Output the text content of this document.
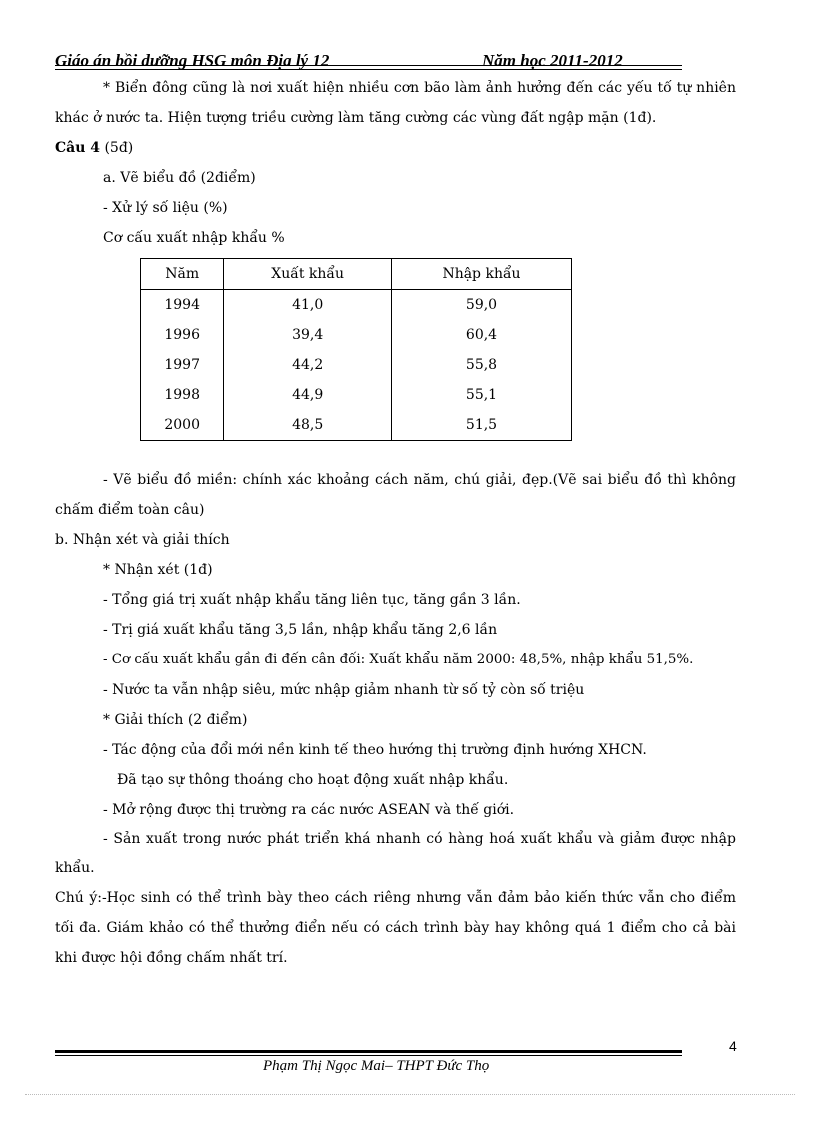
Giáo án bồi dưỡng HSG môn Địa lý 12	Năm học 2011-2012
* Biển đông cũng là nơi xuất hiện nhiều cơn bão làm ảnh hưởng đến các yếu tố tự nhiên
khác ở nước ta. Hiện tượng triều cường làm tăng cường các vùng đất ngập mặn (1đ).
Câu 4 (5đ)
a. Vẽ biểu đồ (2điểm)
- Xử lý số liệu (%)
Cơ cấu xuất nhập khẩu %
Năm	Xuất khẩu	Nhập khẩu
1994	41,0	59,0
1996	39,4	60,4
1997	44,2	55,8
1998	44,9	55,1
2000	48,5	51,5
- Vẽ biểu đồ miền: chính xác khoảng cách năm, chú giải, đẹp.(Vẽ sai biểu đồ thì không
chấm điểm toàn câu)
b. Nhận xét và giải thích
* Nhận xét (1đ)
- Tổng giá trị xuất nhập khẩu tăng liên tục, tăng gần 3 lần.
- Trị giá xuất khẩu tăng 3,5 lần, nhập khẩu tăng 2,6 lần
- Cơ cấu xuất khẩu gần đi đến cân đối: Xuất khẩu năm 2000: 48,5%, nhập khẩu 51,5%.
- Nước ta vẫn nhập siêu, mức nhập giảm nhanh từ số tỷ còn số triệu
* Giải thích (2 điểm)
- Tác động của đổi mới nền kinh tế theo hướng thị trường định hướng XHCN.
Đã tạo sự thông thoáng cho hoạt động xuất nhập khẩu.
- Mở rộng được thị trường ra các nước ASEAN và thế giới.
- Sản xuất trong nước phát triển khá nhanh có hàng hoá xuất khẩu và giảm được nhập
khẩu.
Chú ý:-Học sinh có thể trình bày theo cách riêng nhưng vẫn đảm bảo kiến thức vẫn cho điểm
tối đa. Giám khảo có thể thưởng điển nếu có cách trình bày hay không quá 1 điểm cho cả bài
khi được hội đồng chấm nhất trí.
4
Phạm Thị Ngọc Mai– THPT Đức Thọ
